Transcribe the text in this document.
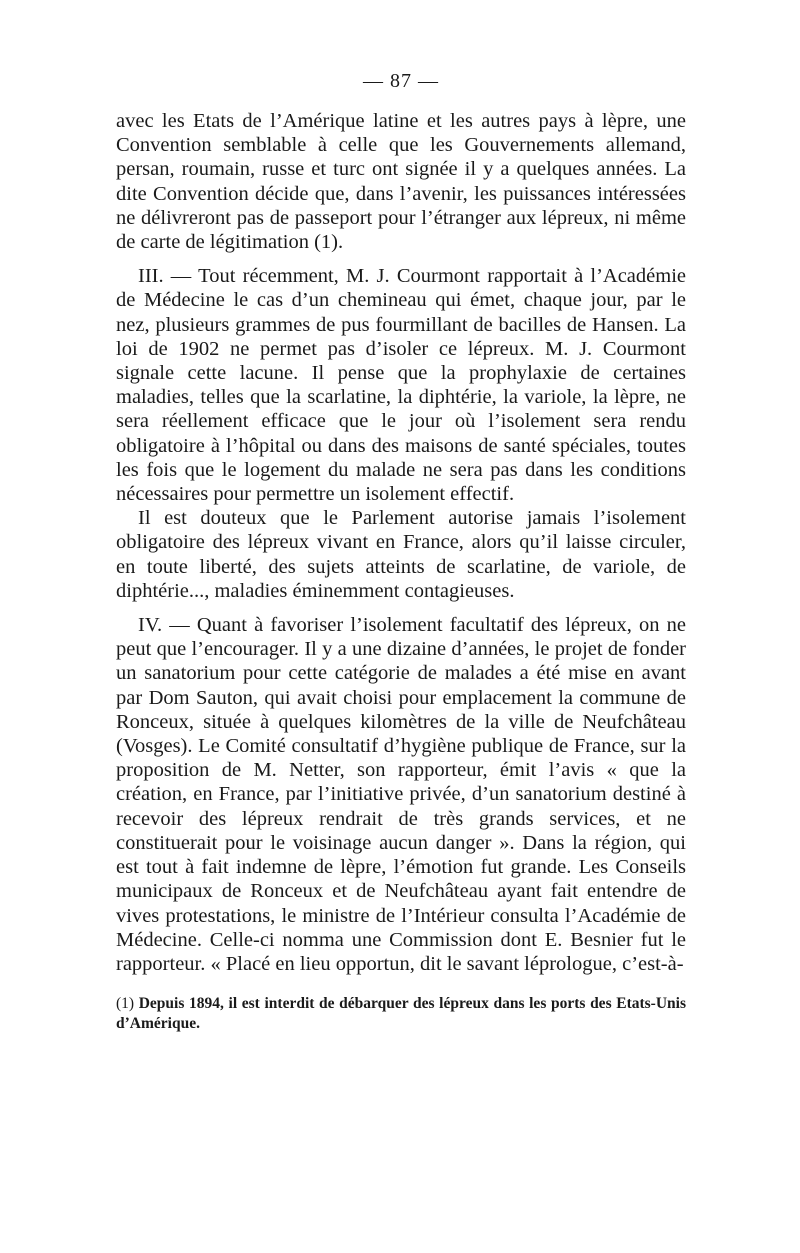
— 87 —

avec les Etats de l’Amérique latine et les autres pays à lèpre, une Convention semblable à celle que les Gouvernements allemand, persan, roumain, russe et turc ont signée il y a quelques années. La dite Convention décide que, dans l’avenir, les puissances intéressées ne délivreront pas de passeport pour l’étranger aux lépreux, ni même de carte de légitimation (1).

III. — Tout récemment, M. J. Courmont rapportait à l’Académie de Médecine le cas d’un chemineau qui émet, chaque jour, par le nez, plusieurs grammes de pus fourmillant de bacilles de Hansen. La loi de 1902 ne permet pas d’isoler ce lépreux. M. J. Courmont signale cette lacune. Il pense que la prophylaxie de certaines maladies, telles que la scarlatine, la diphtérie, la variole, la lèpre, ne sera réellement efficace que le jour où l’isolement sera rendu obligatoire à l’hôpital ou dans des maisons de santé spéciales, toutes les fois que le logement du malade ne sera pas dans les conditions nécessaires pour permettre un isolement effectif.

Il est douteux que le Parlement autorise jamais l’isolement obligatoire des lépreux vivant en France, alors qu’il laisse circuler, en toute liberté, des sujets atteints de scarlatine, de variole, de diphtérie..., maladies éminemment contagieuses.

IV. — Quant à favoriser l’isolement facultatif des lépreux, on ne peut que l’encourager. Il y a une dizaine d’années, le projet de fonder un sanatorium pour cette catégorie de malades a été mise en avant par Dom Sauton, qui avait choisi pour emplacement la commune de Ronceux, située à quelques kilomètres de la ville de Neufchâteau (Vosges). Le Comité consultatif d’hygiène publique de France, sur la proposition de M. Netter, son rapporteur, émit l’avis « que la création, en France, par l’initiative privée, d’un sanatorium destiné à recevoir des lépreux rendrait de très grands services, et ne constituerait pour le voisinage aucun danger ». Dans la région, qui est tout à fait indemne de lèpre, l’émotion fut grande. Les Conseils municipaux de Ronceux et de Neufchâteau ayant fait entendre de vives protestations, le ministre de l’Intérieur consulta l’Académie de Médecine. Celle-ci nomma une Commission dont E. Besnier fut le rapporteur. « Placé en lieu opportun, dit le savant léprologue, c’est-à-

(1) Depuis 1894, il est interdit de débarquer des lépreux dans les ports des Etats-Unis d’Amérique.
